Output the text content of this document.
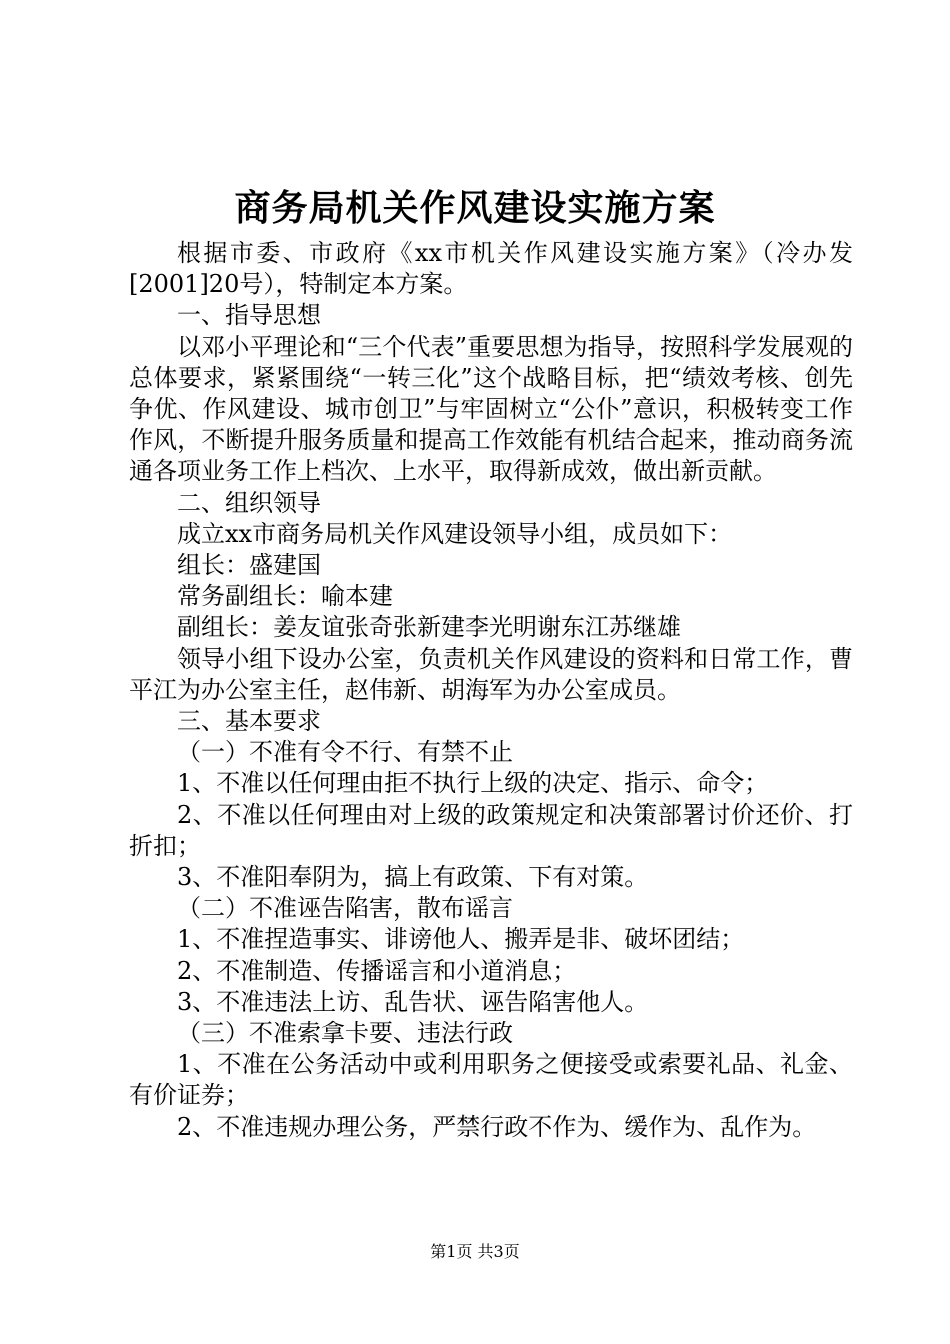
商务局机关作风建设实施方案

根据市委、市政府《xx市机关作风建设实施方案》（冷办发[2001]20号），特制定本方案。

一、指导思想

以邓小平理论和“三个代表”重要思想为指导，按照科学发展观的总体要求，紧紧围绕“一转三化”这个战略目标，把“绩效考核、创先争优、作风建设、城市创卫”与牢固树立“公仆”意识，积极转变工作作风，不断提升服务质量和提高工作效能有机结合起来，推动商务流通各项业务工作上档次、上水平，取得新成效，做出新贡献。

二、组织领导

成立xx市商务局机关作风建设领导小组，成员如下：

组长：盛建国

常务副组长：喻本建

副组长：姜友谊张奇张新建李光明谢东江苏继雄

领导小组下设办公室，负责机关作风建设的资料和日常工作，曹平江为办公室主任，赵伟新、胡海军为办公室成员。

三、基本要求

（一）不准有令不行、有禁不止

1、不准以任何理由拒不执行上级的决定、指示、命令；

2、不准以任何理由对上级的政策规定和决策部署讨价还价、打折扣；

3、不准阳奉阴为，搞上有政策、下有对策。

（二）不准诬告陷害，散布谣言

1、不准捏造事实、诽谤他人、搬弄是非、破坏团结；

2、不准制造、传播谣言和小道消息；

3、不准违法上访、乱告状、诬告陷害他人。

（三）不准索拿卡要、违法行政

1、不准在公务活动中或利用职务之便接受或索要礼品、礼金、有价证券；

2、不准违规办理公务，严禁行政不作为、缓作为、乱作为。

第1页 共3页
